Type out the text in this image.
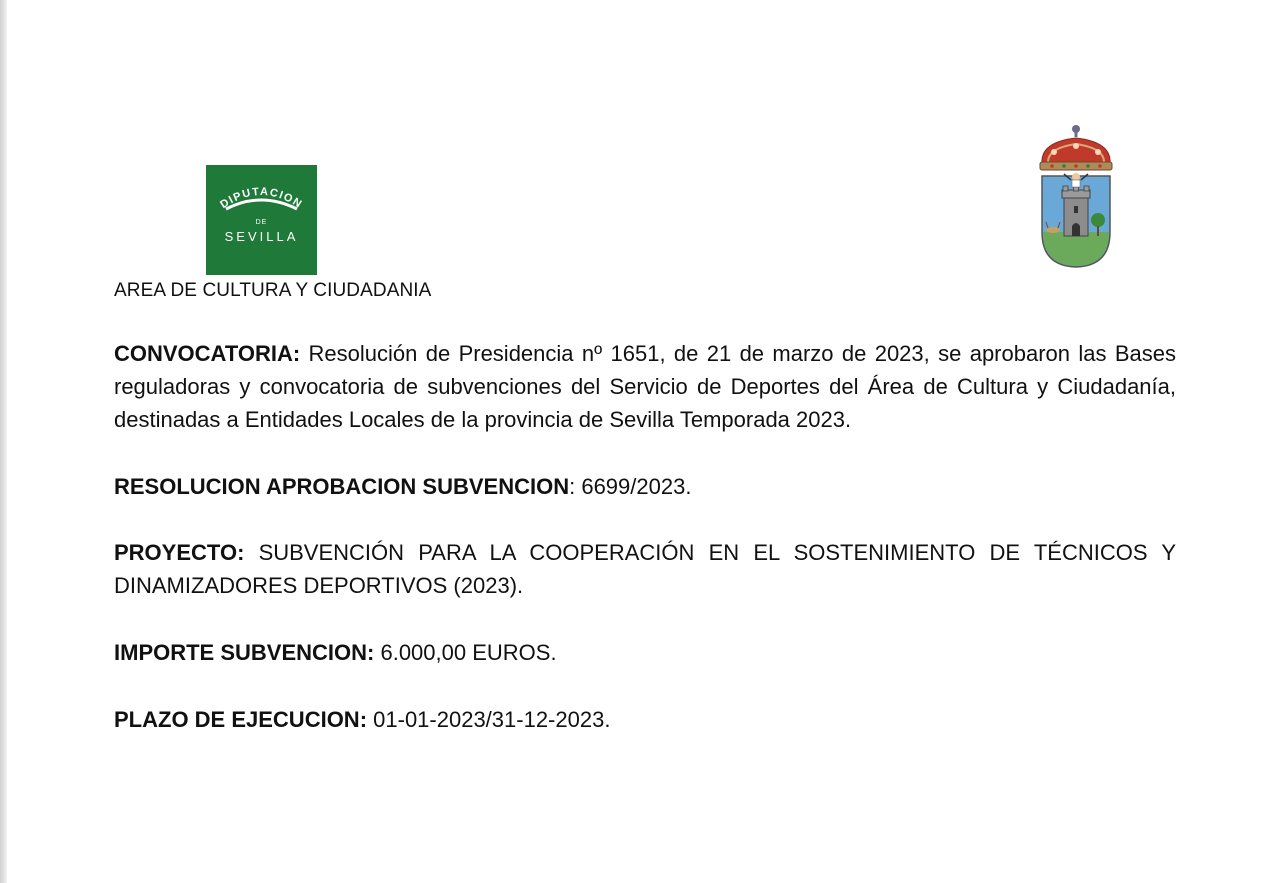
DIPUTACION
DE
SEVILLA
AREA DE CULTURA Y CIUDADANIA
CONVOCATORIA: Resolución de Presidencia nº 1651, de 21 de marzo de 2023, se aprobaron las Bases reguladoras y convocatoria de subvenciones del Servicio de Deportes del Área de Cultura y Ciudadanía, destinadas a Entidades Locales de la provincia de Sevilla Temporada 2023.
RESOLUCION APROBACION SUBVENCION: 6699/2023.
PROYECTO: SUBVENCIÓN PARA LA COOPERACIÓN EN EL SOSTENIMIENTO DE TÉCNICOS Y DINAMIZADORES DEPORTIVOS (2023).
IMPORTE SUBVENCION: 6.000,00 EUROS.
PLAZO DE EJECUCION: 01-01-2023/31-12-2023.
